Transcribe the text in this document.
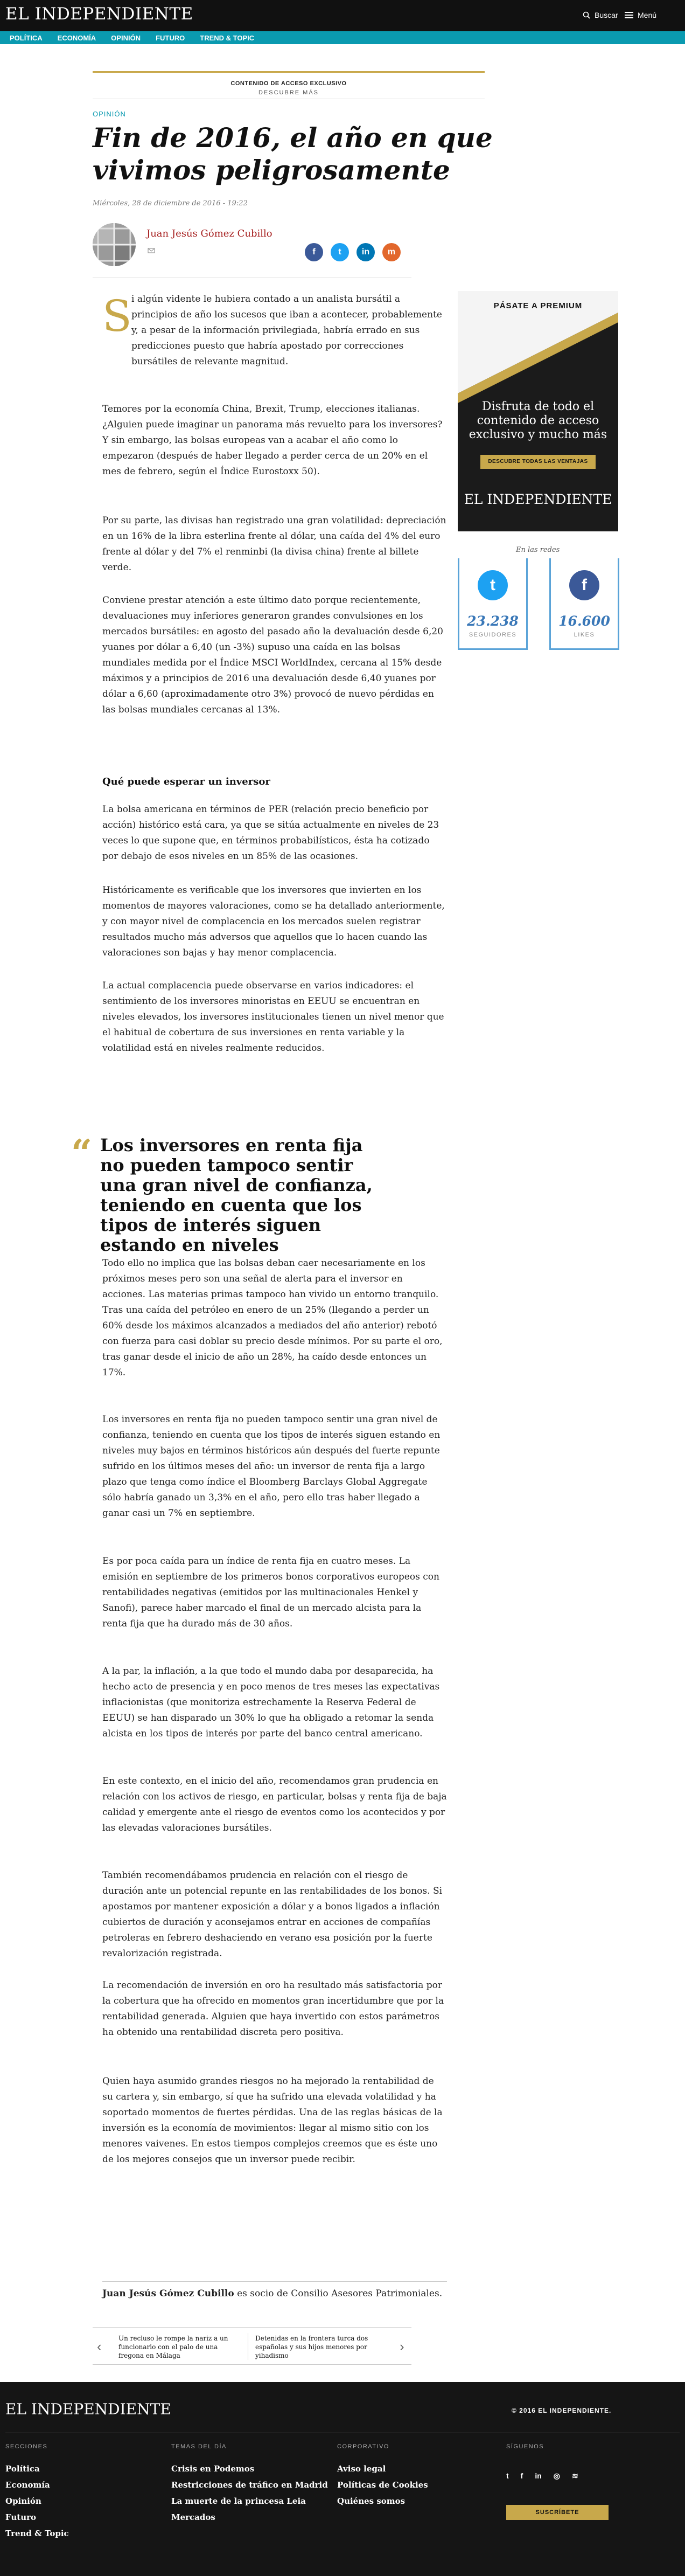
EL INDEPENDIENTE	Buscar	Menú
POLÍTICA ECONOMÍA OPINIÓN FUTURO TREND & TOPIC
CONTENIDO DE ACCESO EXCLUSIVO
DESCUBRE MÁS
OPINIÓN
Fin de 2016, el año en que vivimos peligrosamente
Miércoles, 28 de diciembre de 2016 - 19:22
Juan Jesús Gómez Cubillo
f	t	in	m
S i algún vidente le hubiera contado a un analista bursátil a principios de año los sucesos que iban a acontecer, probablemente y, a pesar de la información privilegiada, habría errado en sus predicciones puesto que habría apostado por correcciones bursátiles de relevante magnitud.

Temores por la economía China, Brexit, Trump, elecciones italianas. ¿Alguien puede imaginar un panorama más revuelto para los inversores? Y sin embargo, las bolsas europeas van a acabar el año como lo empezaron (después de haber llegado a perder cerca de un 20% en el mes de febrero, según el Índice Eurostoxx 50).

Por su parte, las divisas han registrado una gran volatilidad: depreciación en un 16% de la libra esterlina frente al dólar, una caída del 4% del euro frente al dólar y del 7% el renminbi (la divisa china) frente al billete verde.

Conviene prestar atención a este último dato porque recientemente, devaluaciones muy inferiores generaron grandes convulsiones en los mercados bursátiles: en agosto del pasado año la devaluación desde 6,20 yuanes por dólar a 6,40 (un -3%) supuso una caída en las bolsas mundiales medida por el Índice MSCI WorldIndex, cercana al 15% desde máximos y a principios de 2016 una devaluación desde 6,40 yuanes por dólar a 6,60 (aproximadamente otro 3%) provocó de nuevo pérdidas en las bolsas mundiales cercanas al 13%.

Qué puede esperar un inversor

La bolsa americana en términos de PER (relación precio beneficio por acción) histórico está cara, ya que se sitúa actualmente en niveles de 23 veces lo que supone que, en términos probabilísticos, ésta ha cotizado por debajo de esos niveles en un 85% de las ocasiones.

Históricamente es verificable que los inversores que invierten en los momentos de mayores valoraciones, como se ha detallado anteriormente, y con mayor nivel de complacencia en los mercados suelen registrar resultados mucho más adversos que aquellos que lo hacen cuando las valoraciones son bajas y hay menor complacencia.

La actual complacencia puede observarse en varios indicadores: el sentimiento de los inversores minoristas en EEUU se encuentran en niveles elevados, los inversores institucionales tienen un nivel menor que el habitual de cobertura de sus inversiones en renta variable y la volatilidad está en niveles realmente reducidos.

“ Los inversores en renta fija no pueden tampoco sentir una gran nivel de confianza, teniendo en cuenta que los tipos de interés siguen estando en niveles

Todo ello no implica que las bolsas deban caer necesariamente en los próximos meses pero son una señal de alerta para el inversor en acciones. Las materias primas tampoco han vivido un entorno tranquilo. Tras una caída del petróleo en enero de un 25% (llegando a perder un 60% desde los máximos alcanzados a mediados del año anterior) rebotó con fuerza para casi doblar su precio desde mínimos. Por su parte el oro, tras ganar desde el inicio de año un 28%, ha caído desde entonces un 17%.

Los inversores en renta fija no pueden tampoco sentir una gran nivel de confianza, teniendo en cuenta que los tipos de interés siguen estando en niveles muy bajos en términos históricos aún después del fuerte repunte sufrido en los últimos meses del año: un inversor de renta fija a largo plazo que tenga como índice el Bloomberg Barclays Global Aggregate sólo habría ganado un 3,3% en el año, pero ello tras haber llegado a ganar casi un 7% en septiembre.

Es por poca caída para un índice de renta fija en cuatro meses. La emisión en septiembre de los primeros bonos corporativos europeos con rentabilidades negativas (emitidos por las multinacionales Henkel y Sanofi), parece haber marcado el final de un mercado alcista para la renta fija que ha durado más de 30 años.

A la par, la inflación, a la que todo el mundo daba por desaparecida, ha hecho acto de presencia y en poco menos de tres meses las expectativas inflacionistas (que monitoriza estrechamente la Reserva Federal de EEUU) se han disparado un 30% lo que ha obligado a retomar la senda alcista en los tipos de interés por parte del banco central americano.

En este contexto, en el inicio del año, recomendamos gran prudencia en relación con los activos de riesgo, en particular, bolsas y renta fija de baja calidad y emergente ante el riesgo de eventos como los acontecidos y por las elevadas valoraciones bursátiles.

También recomendábamos prudencia en relación con el riesgo de duración ante un potencial repunte en las rentabilidades de los bonos. Si apostamos por mantener exposición a dólar y a bonos ligados a inflación cubiertos de duración y aconsejamos entrar en acciones de compañías petroleras en febrero deshaciendo en verano esa posición por la fuerte revalorización registrada.

La recomendación de inversión en oro ha resultado más satisfactoria por la cobertura que ha ofrecido en momentos gran incertidumbre que por la rentabilidad generada. Alguien que haya invertido con estos parámetros ha obtenido una rentabilidad discreta pero positiva.

Quien haya asumido grandes riesgos no ha mejorado la rentabilidad de su cartera y, sin embargo, sí que ha sufrido una elevada volatilidad y ha soportado momentos de fuertes pérdidas. Una de las reglas básicas de la inversión es la economía de movimientos: llegar al mismo sitio con los menores vaivenes. En estos tiempos complejos creemos que es éste uno de los mejores consejos que un inversor puede recibir.

Juan Jesús Gómez Cubillo es socio de Consilio Asesores Patrimoniales.
‹	Un recluso le rompe la nariz a un funcionario con el palo de una fregona en Málaga
Detenidas en la frontera turca dos españolas y sus hijos menores por yihadismo
›
PÁSATE A PREMIUM
Disfruta de todo el contenido de acceso exclusivo y mucho más
DESCUBRE TODAS LAS VENTAJAS
EL INDEPENDIENTE
En las redes
t
23.238
SEGUIDORES
f
16.600
LIKES
EL INDEPENDIENTE	© 2016 EL INDEPENDIENTE.
SECCIONES
Política
Economía
Opinión
Futuro
Trend & Topic
TEMAS DEL DÍA
Crisis en Podemos
Restricciones de tráfico en Madrid
La muerte de la princesa Leia
Mercados
CORPORATIVO
Aviso legal
Políticas de Cookies
Quiénes somos
SÍGUENOS
t f in ◎ ≋
SUSCRÍBETE
